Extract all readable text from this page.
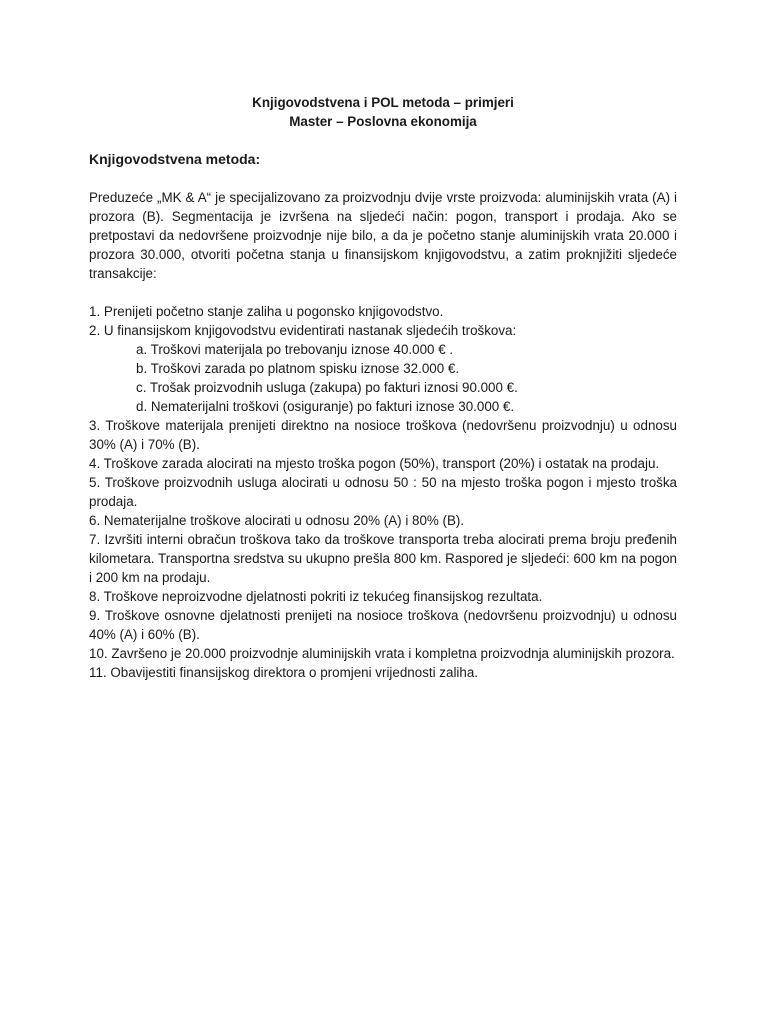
Knjigovodstvena i POL metoda – primjeri

Master – Poslovna ekonomija

Knjigovodstvena metoda:

Preduzeće „MK & A“ je specijalizovano za proizvodnju dvije vrste proizvoda: aluminijskih vrata (A) i prozora (B). Segmentacija je izvršena na sljedeći način: pogon, transport i prodaja. Ako se pretpostavi da nedovršene proizvodnje nije bilo, a da je početno stanje aluminijskih vrata 20.000 i prozora 30.000, otvoriti početna stanja u finansijskom knjigovodstvu, a zatim proknjižiti sljedeće transakcije:

1. Prenijeti početno stanje zaliha u pogonsko knjigovodstvo.

2. U finansijskom knjigovodstvu evidentirati nastanak sljedećih troškova:

a. Troškovi materijala po trebovanju iznose 40.000 € .

b. Troškovi zarada po platnom spisku iznose 32.000 €.

c. Trošak proizvodnih usluga (zakupa) po fakturi iznosi 90.000 €.

d. Nematerijalni troškovi (osiguranje) po fakturi iznose 30.000 €.

3. Troškove materijala prenijeti direktno na nosioce troškova (nedovršenu proizvodnju) u odnosu 30% (A) i 70% (B).

4. Troškove zarada alocirati na mjesto troška pogon (50%), transport (20%) i ostatak na prodaju.

5. Troškove proizvodnih usluga alocirati u odnosu 50 : 50 na mjesto troška pogon i mjesto troška prodaja.

6. Nematerijalne troškove alocirati u odnosu 20% (A) i 80% (B).

7. Izvršiti interni obračun troškova tako da troškove transporta treba alocirati prema broju pređenih kilometara. Transportna sredstva su ukupno prešla 800 km. Raspored je sljedeći: 600 km na pogon i 200 km na prodaju.

8. Troškove neproizvodne djelatnosti pokriti iz tekućeg finansijskog rezultata.

9. Troškove osnovne djelatnosti prenijeti na nosioce troškova (nedovršenu proizvodnju) u odnosu 40% (A) i 60% (B).

10. Završeno je 20.000 proizvodnje aluminijskih vrata i kompletna proizvodnja aluminijskih prozora.

11. Obavijestiti finansijskog direktora o promjeni vrijednosti zaliha.
